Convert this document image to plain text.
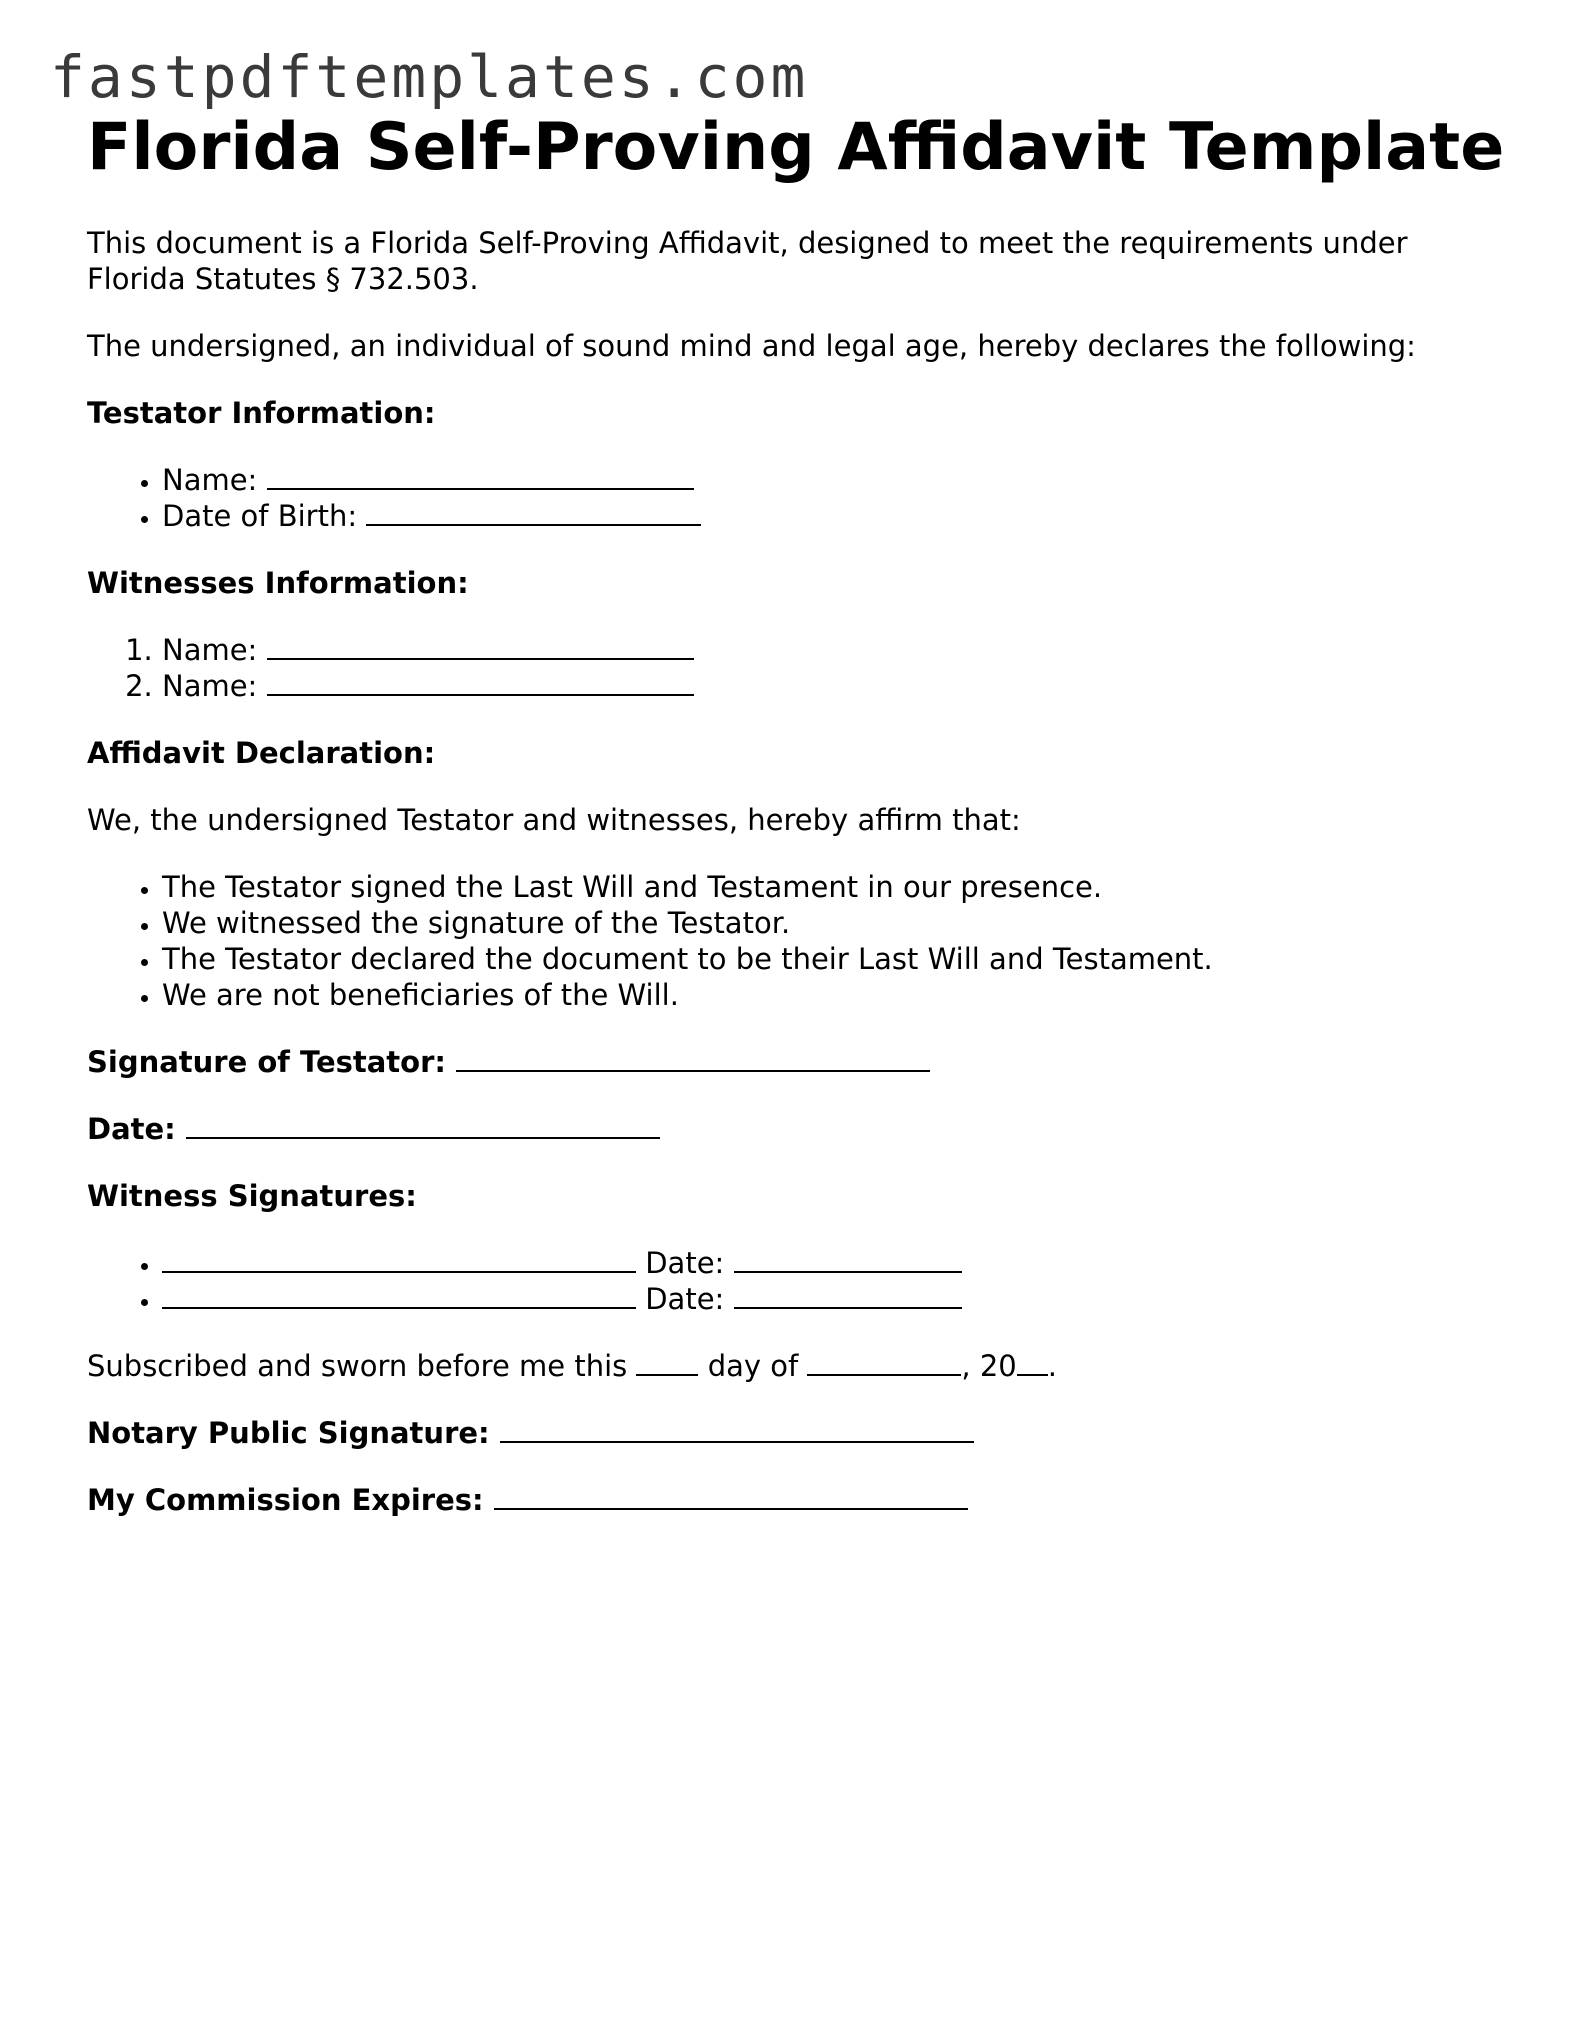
fastpdftemplates.com
Florida Self-Proving Affidavit Template

This document is a Florida Self-Proving Affidavit, designed to meet the requirements under Florida Statutes § 732.503.

The undersigned, an individual of sound mind and legal age, hereby declares the following:

Testator Information:
• Name:
• Date of Birth:
Witnesses Information:
1. Name:
2. Name:
Affidavit Declaration:

We, the undersigned Testator and witnesses, hereby affirm that:

• The Testator signed the Last Will and Testament in our presence.
• We witnessed the signature of the Testator.
• The Testator declared the document to be their Last Will and Testament.
• We are not beneficiaries of the Will.

Signature of Testator:

Date:

Witness Signatures:
• Date:
• Date:

Subscribed and sworn before me this	day of	, 20 .

Notary Public Signature:

My Commission Expires:
